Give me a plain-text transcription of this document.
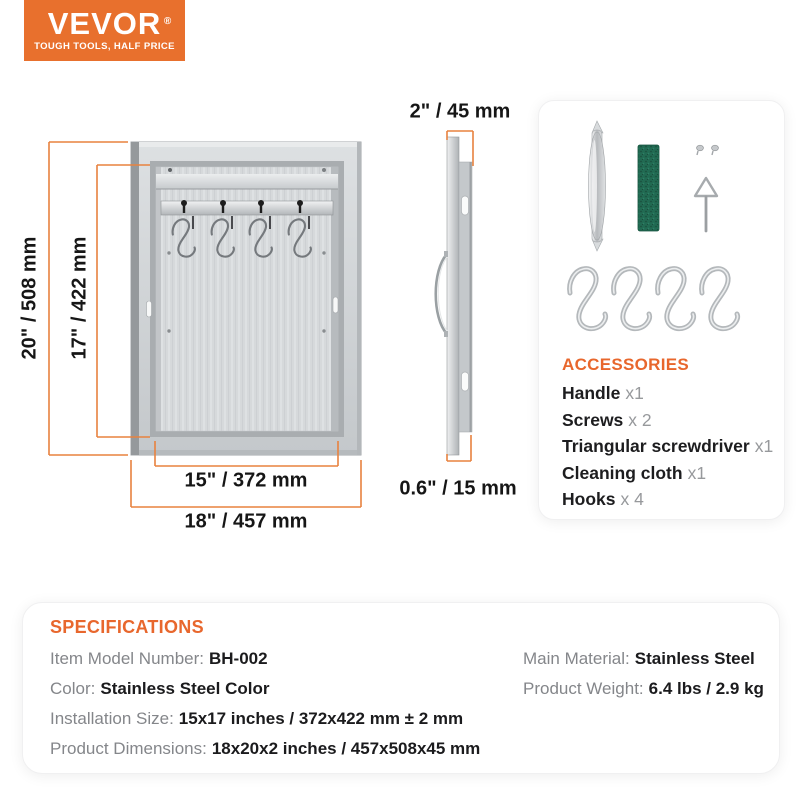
VEVOR ®
TOUGH TOOLS, HALF PRICE
20" / 508 mm 17" / 422 mm
15" / 372 mm
18" / 457 mm
2" / 45 mm
0.6" / 15 mm
ACCESSORIES
Handle x1
Screws x 2
Triangular screwdriver x1
Cleaning cloth x1
Hooks x 4
SPECIFICATIONS
Item Model Number: BH-002
Color: Stainless Steel Color
Installation Size: 15x17 inches / 372x422 mm ± 2 mm
Product Dimensions: 18x20x2 inches / 457x508x45 mm
Main Material: Stainless Steel
Product Weight: 6.4 lbs / 2.9 kg
